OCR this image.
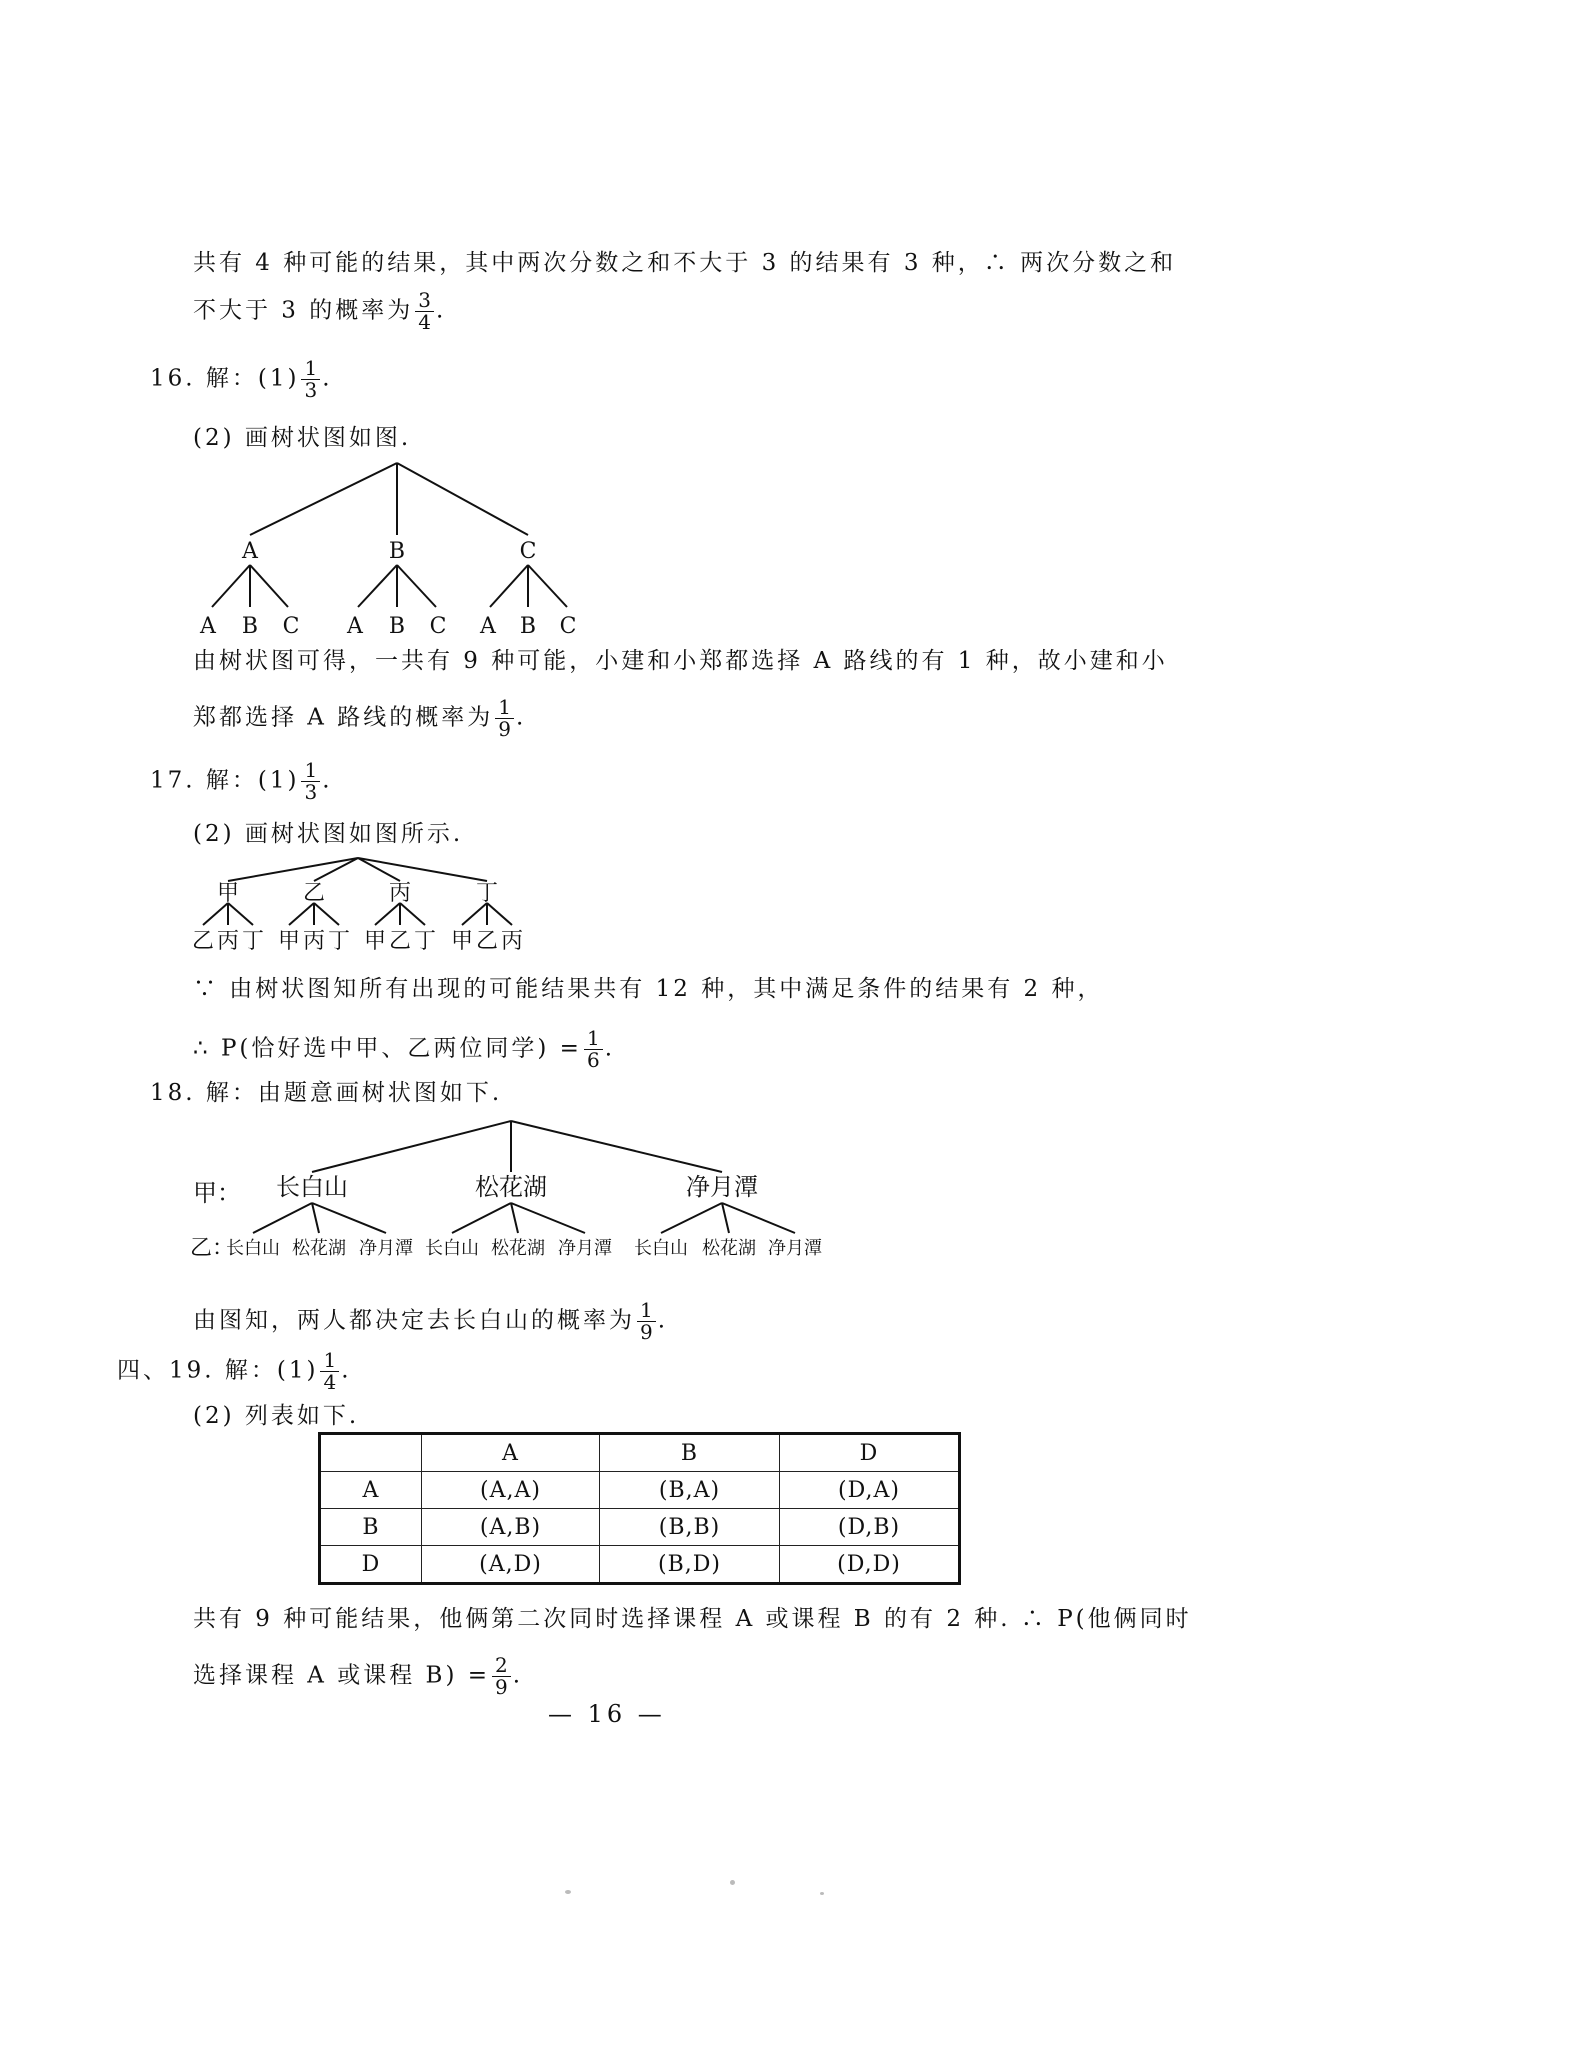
共有 4 种可能的结果，其中两次分数之和不大于 3 的结果有 3 种，∴ 两次分数之和
不大于 3 的概率为 $\frac{3}{4}$ .
16. 解：$(1) \frac{1}{3}$ .
(2) 画树状图如图.
A	B	C
A B C A B C A B C
由树状图可得，一共有 9 种可能，小建和小郑都选择 A 路线的有 1 种，故小建和小
郑都选择 A 路线的概率为 $\frac{1}{9}$ .
17. 解：$(1) \frac{1}{3}$ .
(2) 画树状图如图所示.
甲	乙	丙	丁
乙 丙 丁 甲 丙 丁 甲 乙 丁 甲 乙 丙
∵ 由树状图知所有出现的可能结果共有 12 种，其中满足条件的结果有 2 种，
∴ P(恰好选中甲、乙两位同学) = $\frac{1}{6}$ .
18. 解：由题意画树状图如下.
甲： 长白山	松花湖	净月潭
乙：
长白山 松花湖 净月潭 长白山 松花湖 净月潭 长白山 松花湖 净月潭
由图知，两人都决定去长白山的概率为 $\frac{1}{9}$ .
四、19. 解：$(1) \frac{1}{4}$ .
(2) 列表如下.
	A	B	D
A	(A,A)	(B,A)	(D,A)
B	(A,B)	(B,B)	(D,B)
D	(A,D)	(B,D)	(D,D)
共有 9 种可能结果，他俩第二次同时选择课程 A 或课程 B 的有 2 种. ∴ P(他俩同时
选择课程 A 或课程 $B) = \frac{2}{9}$ .
— 16 —
